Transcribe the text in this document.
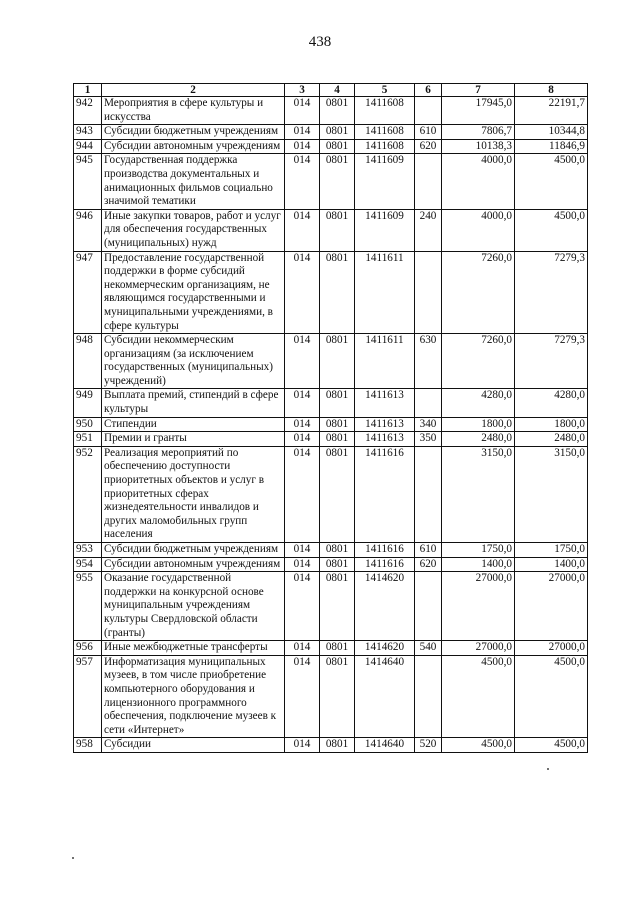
438
1	2	3	4	5	6	7	8
942	Мероприятия в сфере культуры и искусства	014	0801	1411608		17945,0	22191,7
943	Субсидии бюджетным учреждениям	014	0801	1411608	610	7806,7	10344,8
944	Субсидии автономным учреждениям	014	0801	1411608	620	10138,3	11846,9
945	Государственная поддержка производства документальных и анимационных фильмов социально значимой тематики	014	0801	1411609		4000,0	4500,0
946	Иные закупки товаров, работ и услуг для обеспечения государственных (муниципальных) нужд	014	0801	1411609	240	4000,0	4500,0
947	Предоставление государственной поддержки в форме субсидий некоммерческим организациям, не являющимся государственными и муниципальными учреждениями, в сфере культуры	014	0801	1411611		7260,0	7279,3
948	Субсидии некоммерческим организациям (за исключением государственных (муниципальных) учреждений)	014	0801	1411611	630	7260,0	7279,3
949	Выплата премий, стипендий в сфере культуры	014	0801	1411613		4280,0	4280,0
950	Стипендии	014	0801	1411613	340	1800,0	1800,0
951	Премии и гранты	014	0801	1411613	350	2480,0	2480,0
952	Реализация мероприятий по обеспечению доступности приоритетных объектов и услуг в приоритетных сферах жизнедеятельности инвалидов и других маломобильных групп населения	014	0801	1411616		3150,0	3150,0
953	Субсидии бюджетным учреждениям	014	0801	1411616	610	1750,0	1750,0
954	Субсидии автономным учреждениям	014	0801	1411616	620	1400,0	1400,0
955	Оказание государственной поддержки на конкурсной основе муниципальным учреждениям культуры Свердловской области (гранты)	014	0801	1414620		27000,0	27000,0
956	Иные межбюджетные трансферты	014	0801	1414620	540	27000,0	27000,0
957	Информатизация муниципальных музеев, в том числе приобретение компьютерного оборудования и лицензионного программного обеспечения, подключение музеев к сети «Интернет»	014	0801	1414640		4500,0	4500,0
958	Субсидии	014	0801	1414640	520	4500,0	4500,0
